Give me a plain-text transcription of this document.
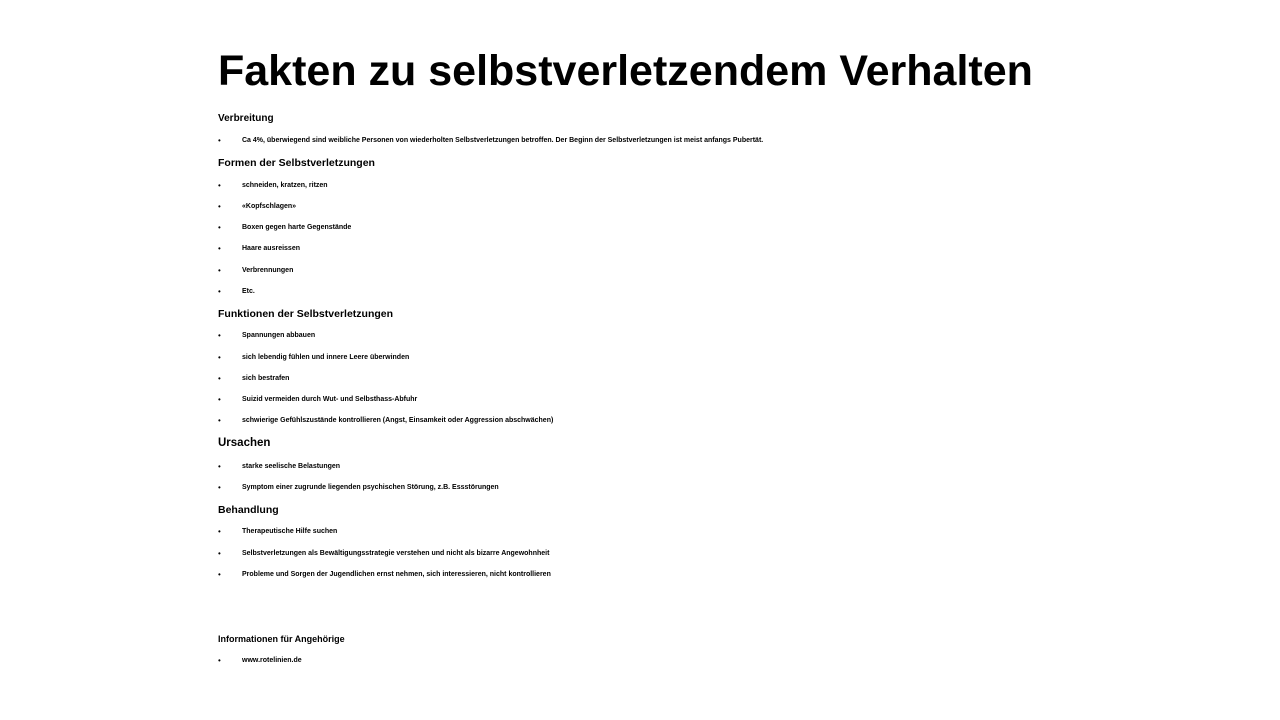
Fakten zu selbstverletzendem Verhalten
Verbreitung
•	Ca 4%, überwiegend sind weibliche Personen von wiederholten Selbstverletzungen betroffen. Der Beginn der Selbstverletzungen ist meist anfangs Pubertät.
Formen der Selbstverletzungen
•	schneiden, kratzen, ritzen
•	«Kopfschlagen»
•	Boxen gegen harte Gegenstände
•	Haare ausreissen
•	Verbrennungen
•	Etc.
Funktionen der Selbstverletzungen
•	Spannungen abbauen
•	sich lebendig fühlen und innere Leere überwinden
•	sich bestrafen
•	Suizid vermeiden durch Wut- und Selbsthass-Abfuhr
•	schwierige Gefühlszustände kontrollieren (Angst, Einsamkeit oder Aggression abschwächen)
Ursachen
•	starke seelische Belastungen
•	Symptom einer zugrunde liegenden psychischen Störung, z.B. Essstörungen
Behandlung
•	Therapeutische Hilfe suchen
•	Selbstverletzungen als Bewältigungsstrategie verstehen und nicht als bizarre Angewohnheit
•	Probleme und Sorgen der Jugendlichen ernst nehmen, sich interessieren, nicht kontrollieren
Informationen für Angehörige
•	www.rotelinien.de
